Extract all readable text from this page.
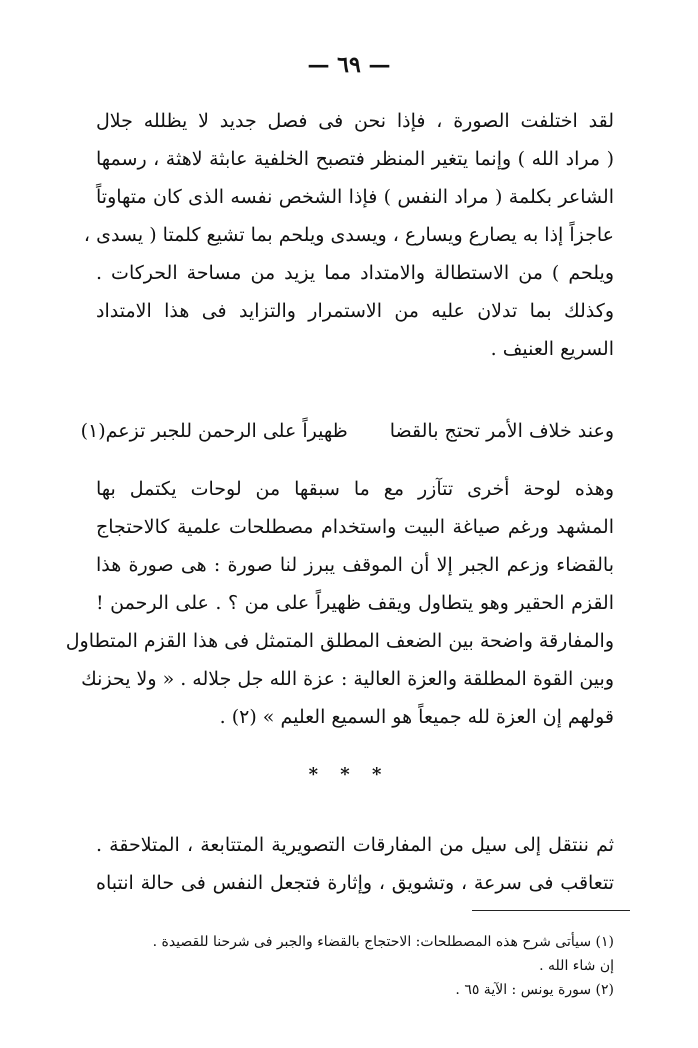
— ٦٩ —
لقد اختلفت الصورة ، فإذا نحن فى فصل جديد لا يظلله جلال
( مراد الله ) وإنما يتغير المنظر فتصبح الخلفية عابثة لاهثة ، رسمها
الشاعر بكلمة ( مراد النفس ) فإذا الشخص نفسه الذى كان متهاوتاً
عاجزاً إذا به يصارع ويسارع ، ويسدى ويلحم بما تشيع كلمتا ( يسدى ،
ويلحم ) من الاستطالة والامتداد مما يزيد من مساحة الحركات .
وكذلك بما تدلان عليه من الاستمرار والتزايد فى هذا الامتداد
السريع العنيف .
وعند خلاف الأمر تحتج بالقضا ظهيراً على الرحمن للجبر تزعم(١)
وهذه لوحة أخرى تتآزر مع ما سبقها من لوحات يكتمل بها
المشهد ورغم صياغة البيت واستخدام مصطلحات علمية كالاحتجاج
بالقضاء وزعم الجبر إلا أن الموقف يبرز لنا صورة : هى صورة هذا
القزم الحقير وهو يتطاول ويقف ظهيراً على من ؟ . على الرحمن !
والمفارقة واضحة بين الضعف المطلق المتمثل فى هذا القزم المتطاول
وبين القوة المطلقة والعزة العالية : عزة الله جل جلاله . « ولا يحزنك
قولهم إن العزة لله جميعاً هو السميع العليم » (٢) .
* * *
ثم ننتقل إلى سيل من المفارقات التصويرية المتتابعة ، المتلاحقة .
تتعاقب فى سرعة ، وتشويق ، وإثارة فتجعل النفس فى حالة انتباه
(١) سيأتى شرح هذه المصطلحات: الاحتجاج بالقضاء والجبر فى شرحنا للقصيدة .
إن شاء الله .
(٢) سورة يونس : الآية ٦٥ .
